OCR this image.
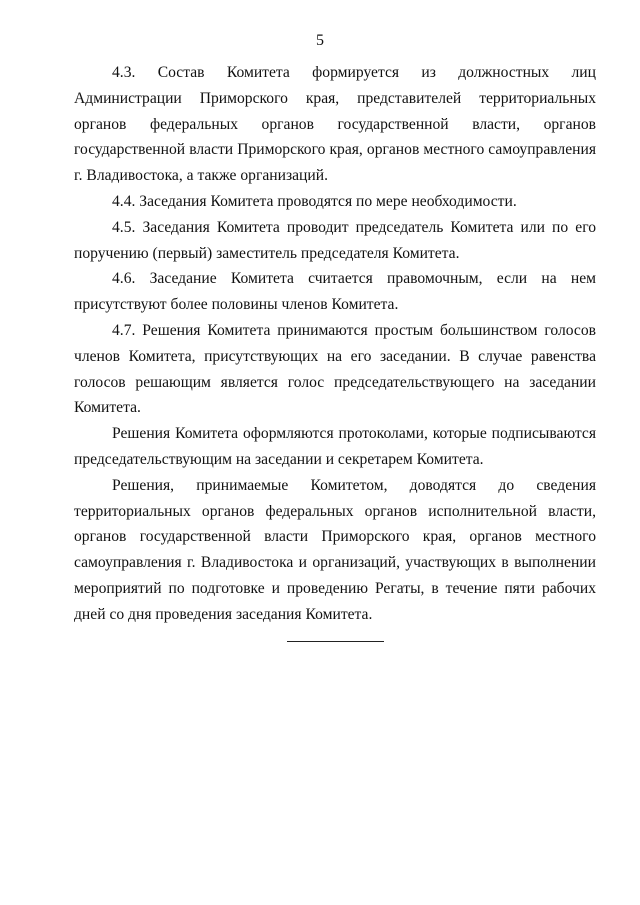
5

4.3. Состав Комитета формируется из должностных лиц Администрации Приморского края, представителей территориальных органов федеральных органов государственной власти, органов государственной власти Приморского края, органов местного самоуправления г. Владивостока, а также организаций.

4.4. Заседания Комитета проводятся по мере необходимости.

4.5. Заседания Комитета проводит председатель Комитета или по его поручению (первый) заместитель председателя Комитета.

4.6. Заседание Комитета считается правомочным, если на нем присутствуют более половины членов Комитета.

4.7. Решения Комитета принимаются простым большинством голосов членов Комитета, присутствующих на его заседании. В случае равенства голосов решающим является голос председательствующего на заседании Комитета.

Решения Комитета оформляются протоколами, которые подписываются председательствующим на заседании и секретарем Комитета.

Решения, принимаемые Комитетом, доводятся до сведения территориальных органов федеральных органов исполнительной власти, органов государственной власти Приморского края, органов местного самоуправления г. Владивостока и организаций, участвующих в выполнении мероприятий по подготовке и проведению Регаты, в течение пяти рабочих дней со дня проведения заседания Комитета.
